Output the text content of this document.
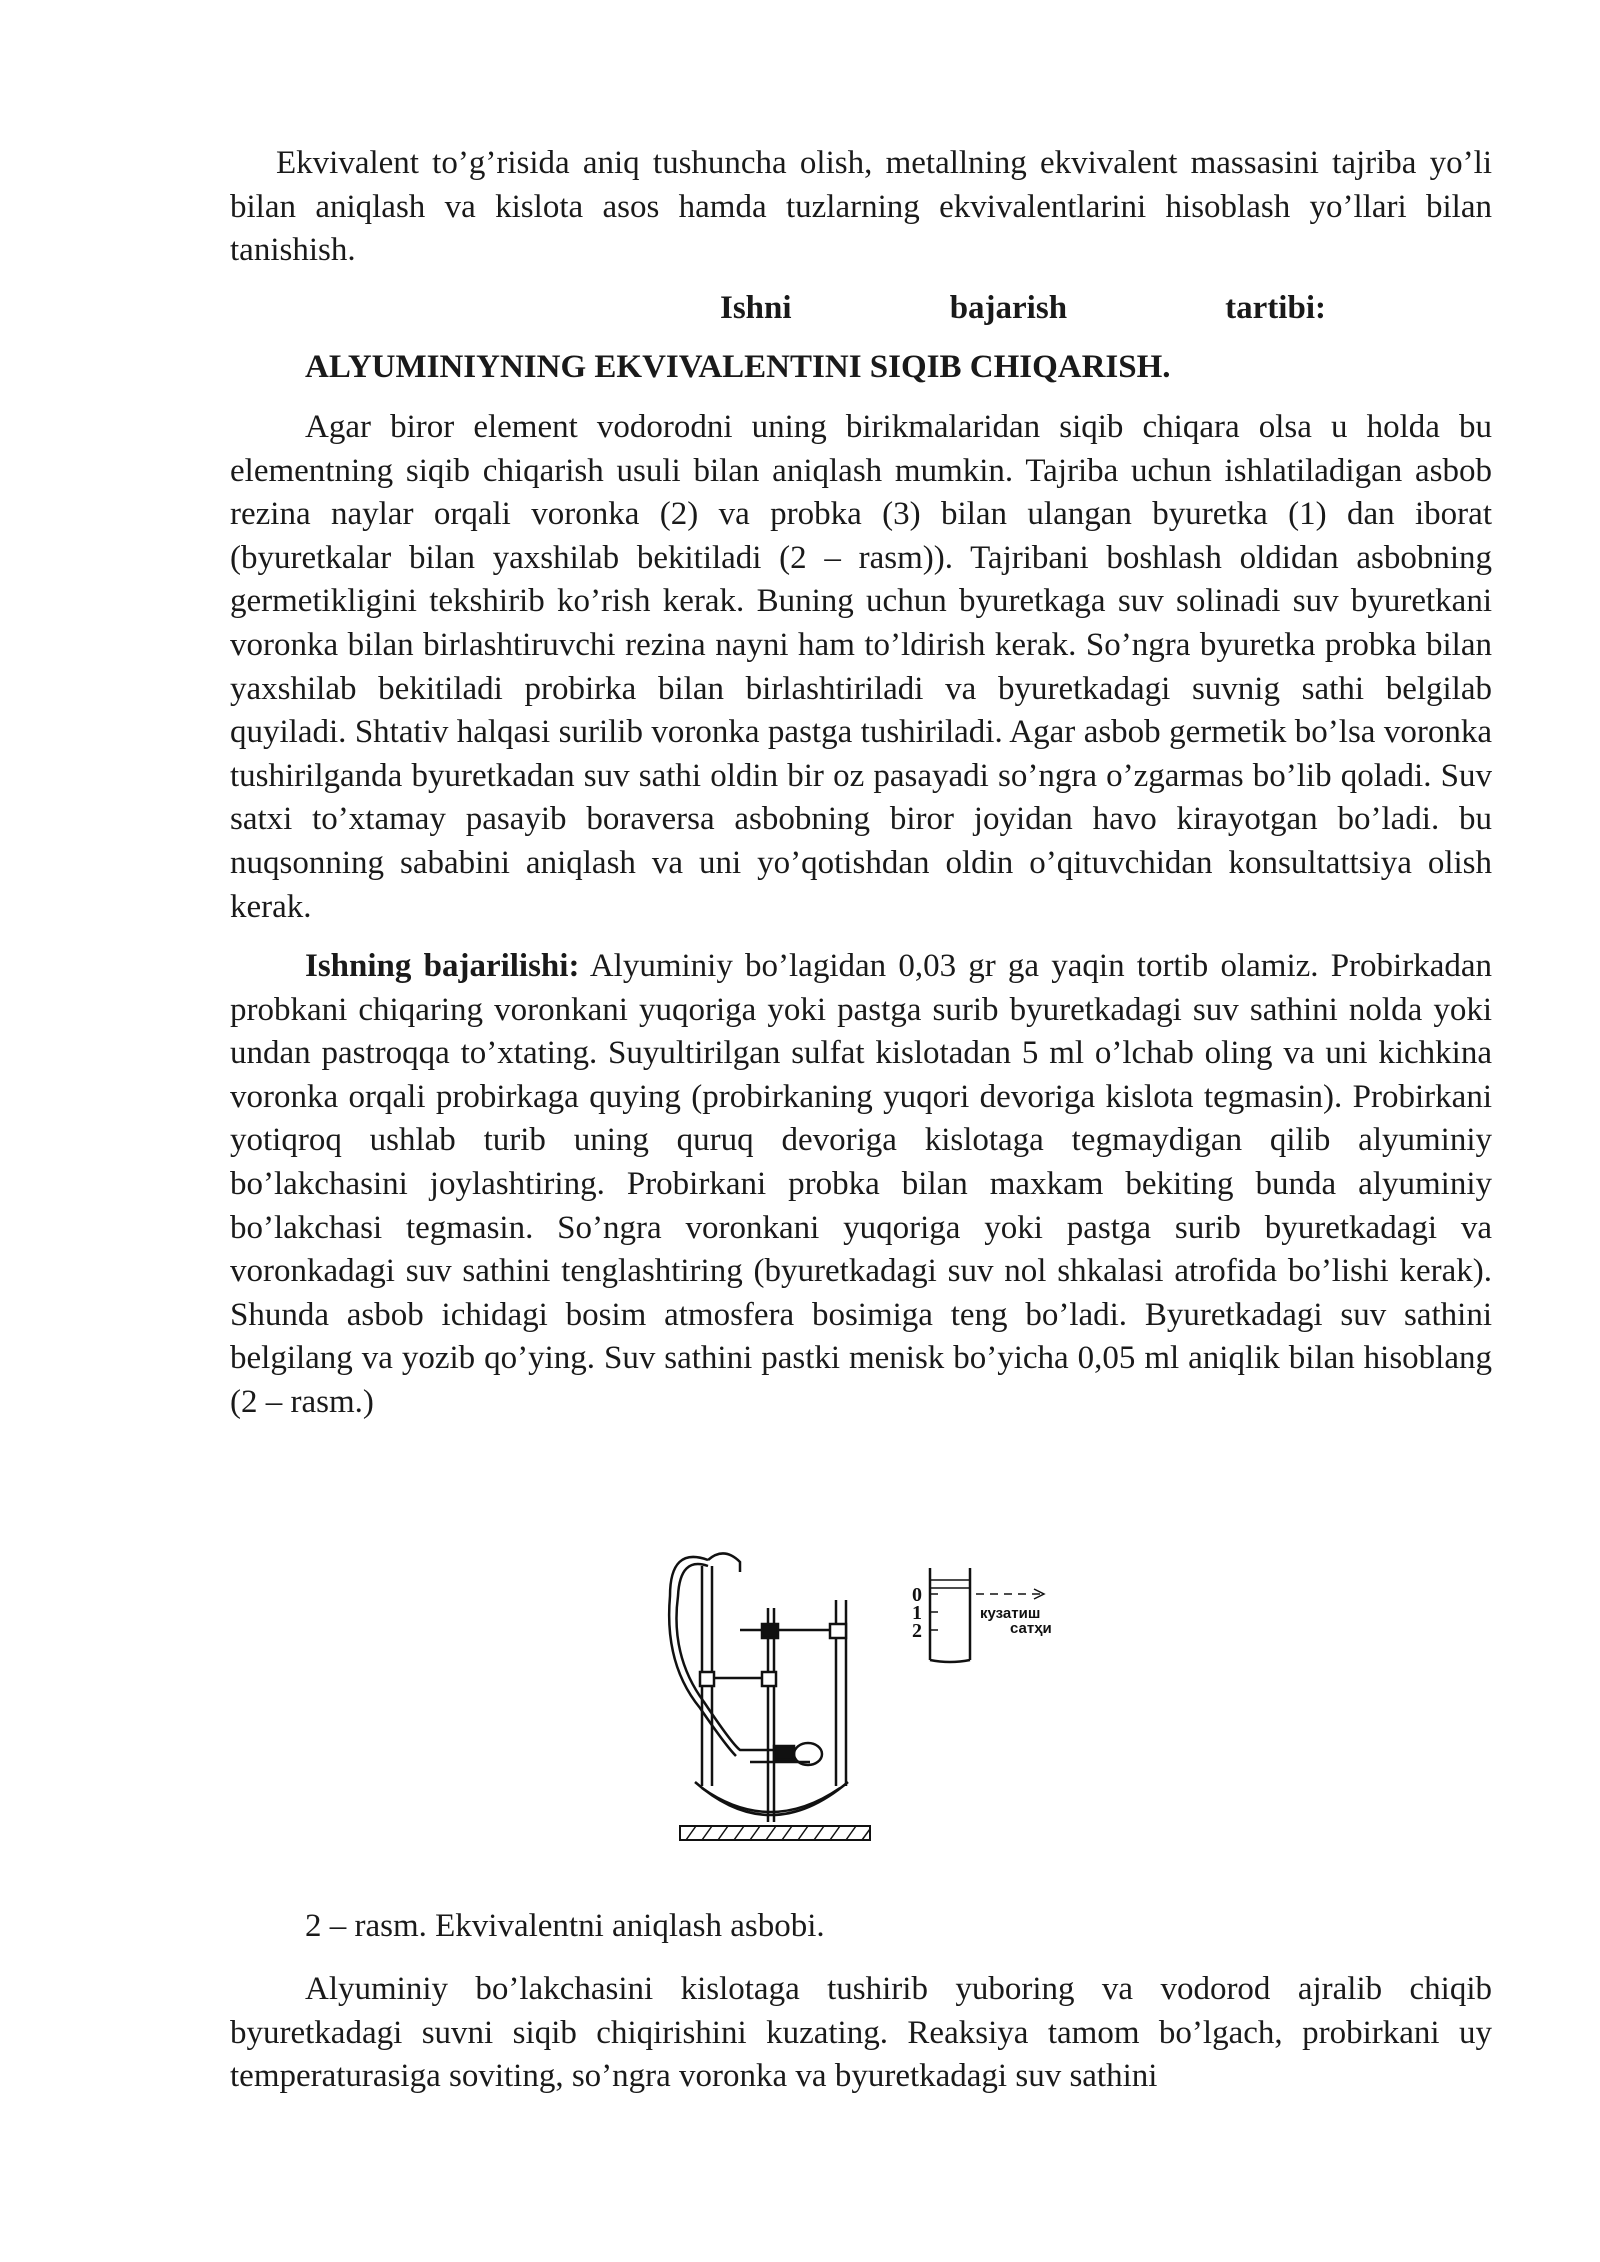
Ekvivalent to’g’risida aniq tushuncha olish, metallning ekvivalent massasini tajriba yo’li bilan aniqlash va kislota asos hamda tuzlarning ekvivalentlarini hisoblash yo’llari bilan tanishish.

Ishni	bajarish	tartibi:
ALYUMINIYNING EKVIVALENTINI SIQIB CHIQARISH.

Agar biror element vodorodni uning birikmalaridan siqib chiqara olsa u holda bu elementning siqib chiqarish usuli bilan aniqlash mumkin. Tajriba uchun ishlatiladigan asbob rezina naylar orqali voronka (2) va probka (3) bilan ulangan byuretka (1) dan iborat (byuretkalar bilan yaxshilab bekitiladi (2 – rasm)). Tajribani boshlash oldidan asbobning germetikligini tekshirib ko’rish kerak. Buning uchun byuretkaga suv solinadi suv byuretkani voronka bilan birlashtiruvchi rezina nayni ham to’ldirish kerak. So’ngra byuretka probka bilan yaxshilab bekitiladi probirka bilan birlashtiriladi va byuretkadagi suvnig sathi belgilab quyiladi. Shtativ halqasi surilib voronka pastga tushiriladi. Agar asbob germetik bo’lsa voronka tushirilganda byuretkadan suv sathi oldin bir oz pasayadi so’ngra o’zgarmas bo’lib qoladi. Suv satxi to’xtamay pasayib boraversa asbobning biror joyidan havo kirayotgan bo’ladi. bu nuqsonning sababini aniqlash va uni yo’qotishdan oldin o’qituvchidan konsultattsiya olish kerak.

Ishning bajarilishi: Alyuminiy bo’lagidan 0,03 gr ga yaqin tortib olamiz. Probirkadan probkani chiqaring voronkani yuqoriga yoki pastga surib byuretkadagi suv sathini nolda yoki undan pastroqqa to’xtating. Suyultirilgan sulfat kislotadan 5 ml o’lchab oling va uni kichkina voronka orqali probirkaga quying (probirkaning yuqori devoriga kislota tegmasin). Probirkani yotiqroq ushlab turib uning quruq devoriga kislotaga tegmaydigan qilib alyuminiy bo’lakchasini joylashtiring. Probirkani probka bilan maxkam bekiting bunda alyuminiy bo’lakchasi tegmasin. So’ngra voronkani yuqoriga yoki pastga surib byuretkadagi va voronkadagi suv sathini tenglashtiring (byuretkadagi suv nol shkalasi atrofida bo’lishi kerak). Shunda asbob ichidagi bosim atmosfera bosimiga teng bo’ladi. Byuretkadagi suv sathini belgilang va yozib qo’ying. Suv sathini pastki menisk bo’yicha 0,05 ml aniqlik bilan hisoblang (2 – rasm.)

0
1
2
кузатиш
сатҳи
2 – rasm. Ekvivalentni aniqlash asbobi.

Alyuminiy bo’lakchasini kislotaga tushirib yuboring va vodorod ajralib chiqib byuretkadagi suvni siqib chiqirishini kuzating. Reaksiya tamom bo’lgach, probirkani uy temperaturasiga soviting, so’ngra voronka va byuretkadagi suv sathini
